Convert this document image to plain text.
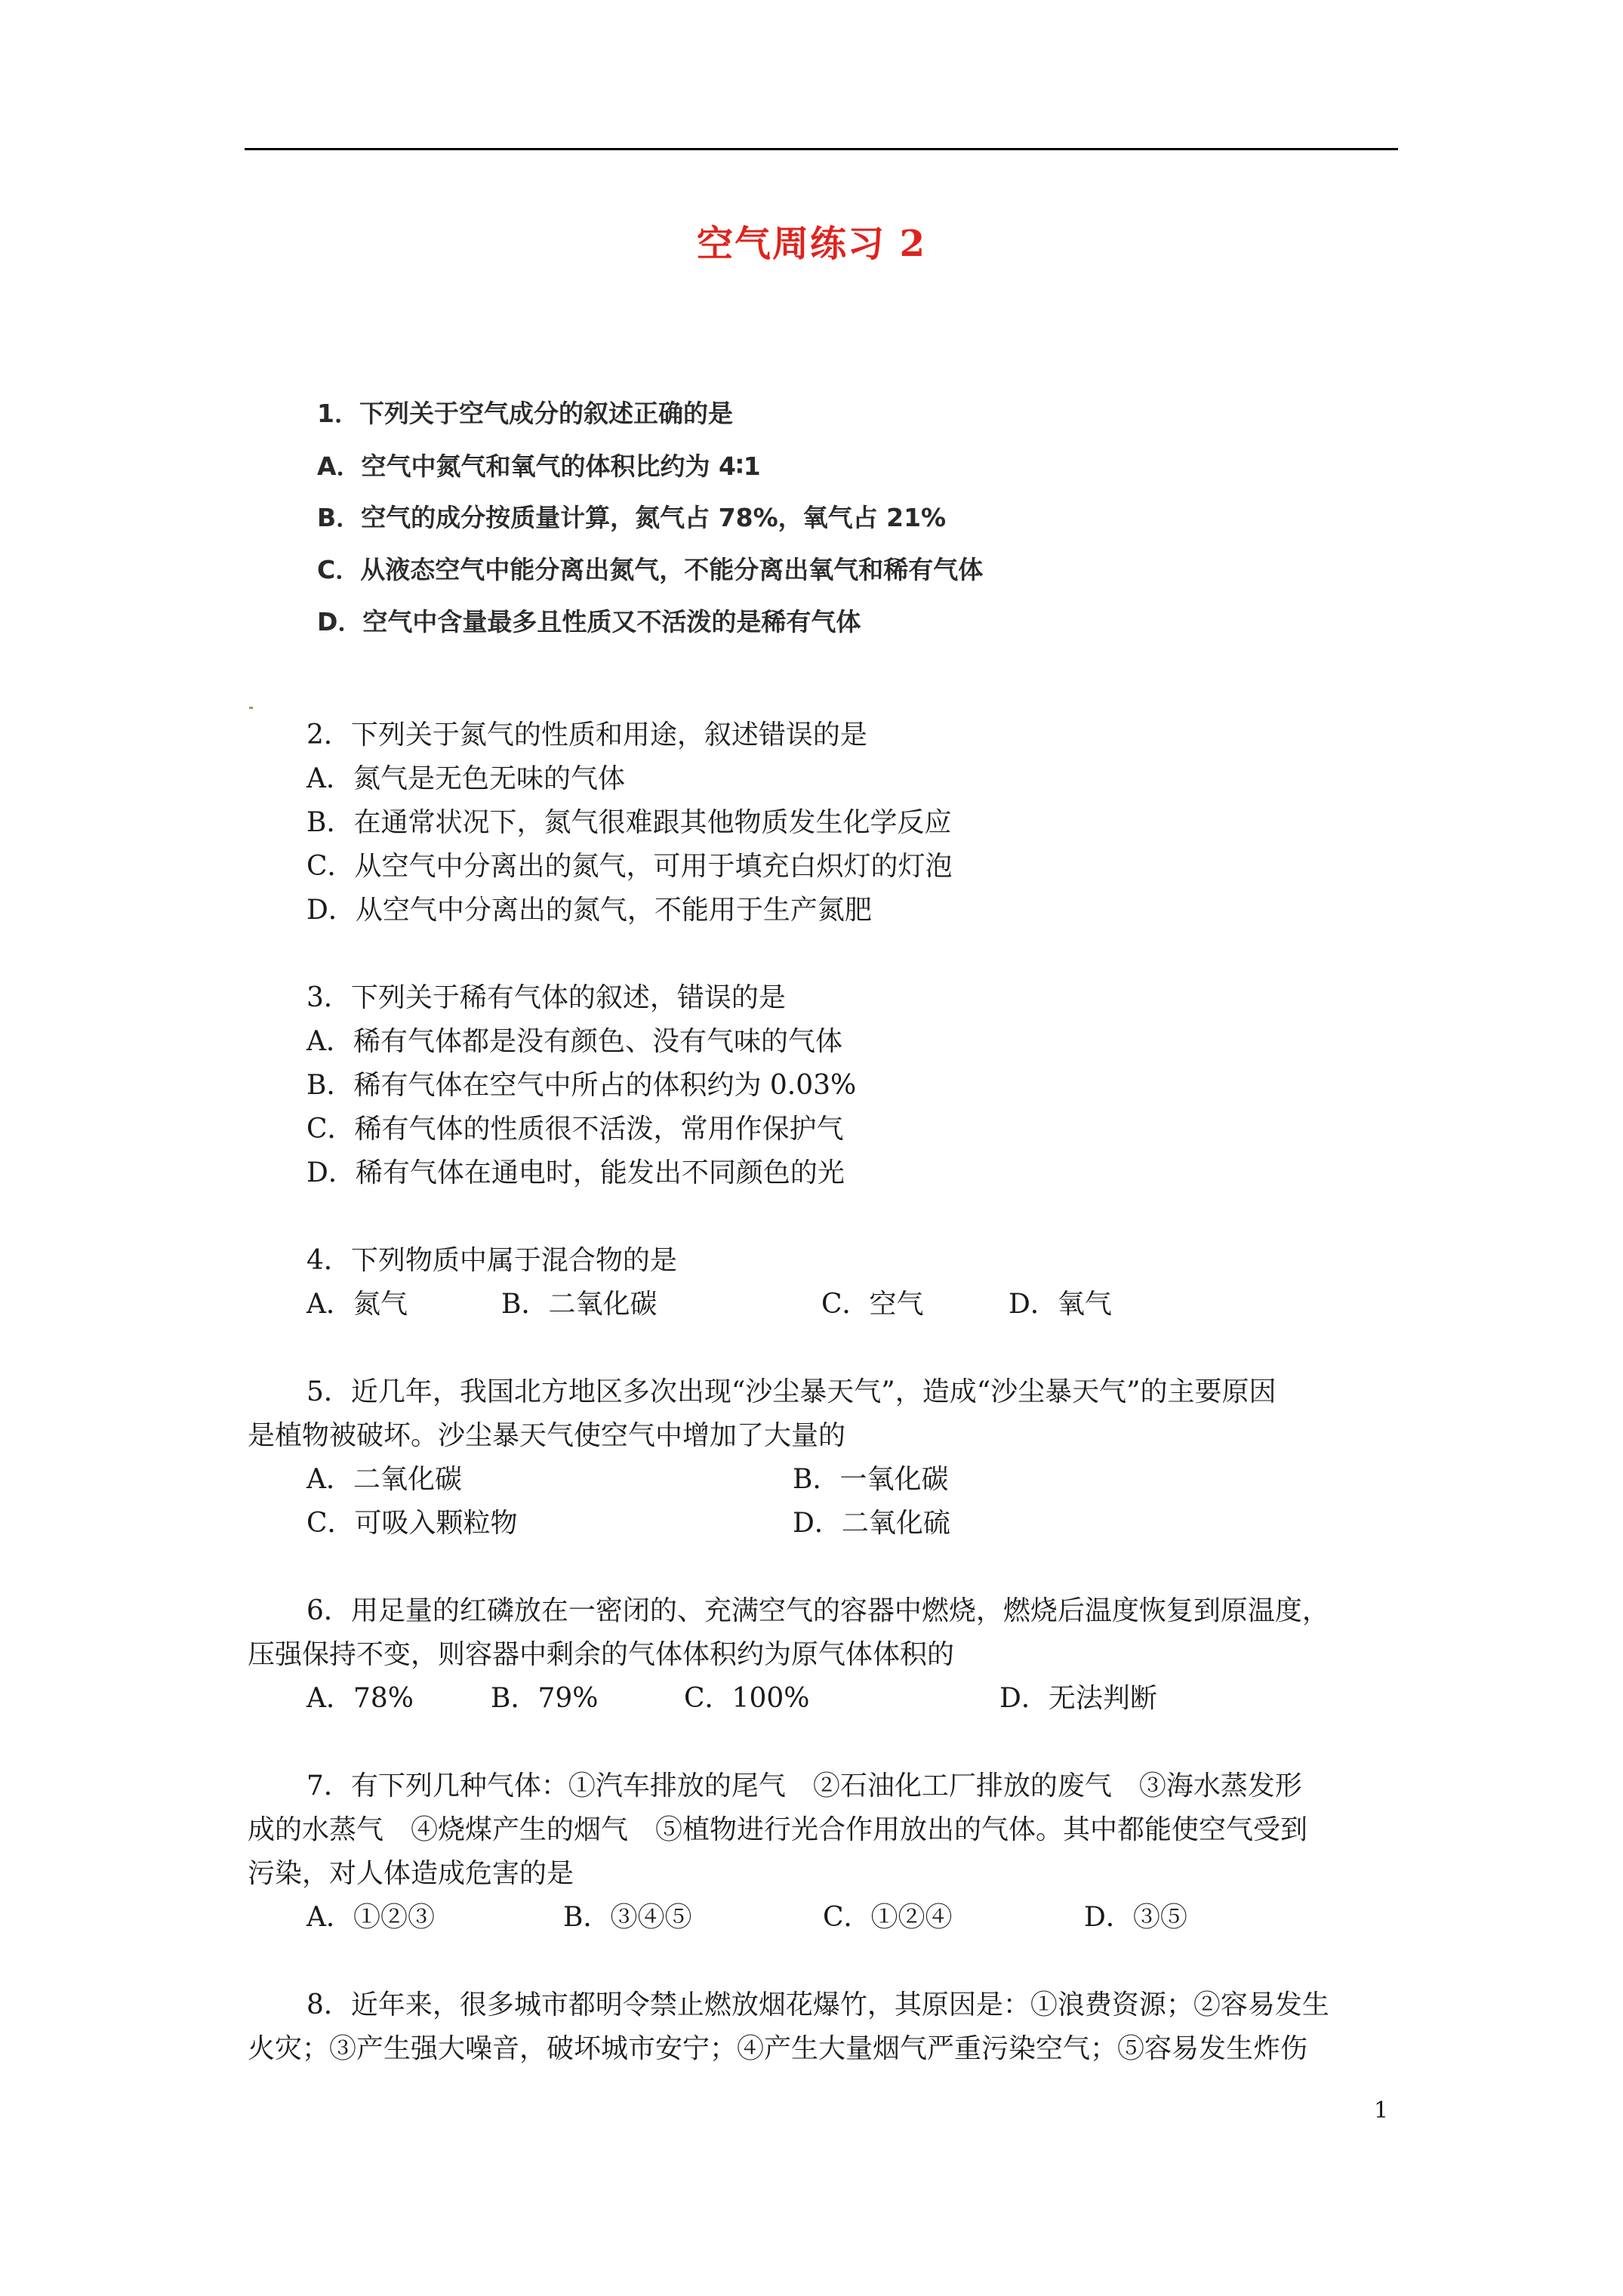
空气周练习 2
1．下列关于空气成分的叙述正确的是
A．空气中氮气和氧气的体积比约为 4∶1
B．空气的成分按质量计算，氮气占 78%，氧气占 21%
C．从液态空气中能分离出氮气，不能分离出氧气和稀有气体
D．空气中含量最多且性质又不活泼的是稀有气体
2．下列关于氮气的性质和用途，叙述错误的是
A．氮气是无色无味的气体
B．在通常状况下，氮气很难跟其他物质发生化学反应
C．从空气中分离出的氮气，可用于填充白炽灯的灯泡
D．从空气中分离出的氮气，不能用于生产氮肥
3．下列关于稀有气体的叙述，错误的是
A．稀有气体都是没有颜色、没有气味的气体
B．稀有气体在空气中所占的体积约为 0.03%
C．稀有气体的性质很不活泼，常用作保护气
D．稀有气体在通电时，能发出不同颜色的光
4．下列物质中属于混合物的是
A．氮气	B．二氧化碳	C．空气	D．氧气
5．近几年，我国北方地区多次出现“沙尘暴天气”，造成“沙尘暴天气”的主要原因
是植物被破坏。沙尘暴天气使空气中增加了大量的
A．二氧化碳	B．一氧化碳
C．可吸入颗粒物	D．二氧化硫
6．用足量的红磷放在一密闭的、充满空气的容器中燃烧，燃烧后温度恢复到原温度，
压强保持不变，则容器中剩余的气体体积约为原气体体积的
A．78%	B．79%	C．100%	D．无法判断
7．有下列几种气体：①汽车排放的尾气　②石油化工厂排放的废气　③海水蒸发形
成的水蒸气　④烧煤产生的烟气　⑤植物进行光合作用放出的气体。其中都能使空气受到
污染，对人体造成危害的是
A．①②③	B．③④⑤	C．①②④	D．③⑤
8．近年来，很多城市都明令禁止燃放烟花爆竹，其原因是：①浪费资源；②容易发生
火灾；③产生强大噪音，破坏城市安宁；④产生大量烟气严重污染空气；⑤容易发生炸伤
1
